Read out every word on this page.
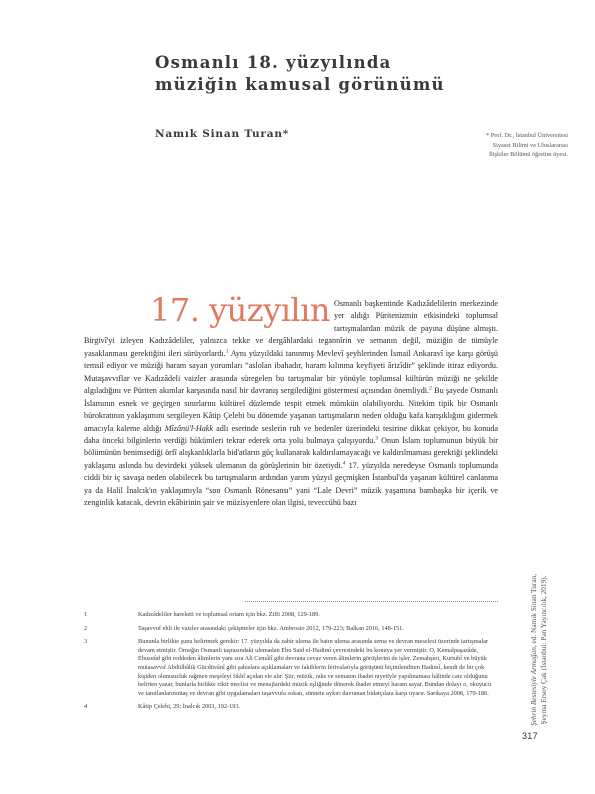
Osmanlı 18. yüzyılında
müziğin kamusal görünümü

Namık Sinan Turan*	* Prof. Dr., İstanbul Üniversitesi Siyaset Bilimi ve Uluslararası İlişkiler Bölümü öğretim üyesi.
17. yüzyılın Osmanlı başkentinde Kadızâdelilerin merkezinde yer aldığı Püritenizmin etkisindeki toplumsal tartışmalardan müzik de payına düşüne almıştı. Birgivî'yi izleyen Kadızâdeliler, yalnızca tekke ve dergâhlardaki tegannîrin ve semanın değil, müziğin de tümüyle yasaklanması gerektiğini ileri sürüyorlardı.$^1$ Aynı yüzyıldaki tanınmış Mevlevî şeyhlerinden İsmail Ankaravî işe karşı görüşü temsil ediyor ve müziği haram sayan yorumları “aslolan ibahadır, haram kılınma keyfiyeti ârizîdir” şeklinde itiraz ediyordu. Mutaşavvıflar ve Kadızâdeli vaizler arasında süregelen bu tartışmalar bir yönüyle toplumsal kültürün müziği ne şekilde algıladığını ve Püriten akımlar karşısında nasıl bir davranış sergilediğini göstermesi açısından önemliydi.$^2$ Bu şayede Osmanlı İslamının esnek ve geçirgen sınırlarını kültürel düzlemde tespit etmek mümkün olabiliyordu. Nitekim tipik bir Osmanlı bürokratının yaklaşımını sergileyen Kâtip Çelebi bu dönemde yaşanan tartışmaların neden olduğu kafa karışıklığını gidermek amacıyla kaleme aldığı Mîzânü'l-Hakk adlı eserinde seslerin ruh ve bedenler üzerindeki tesirine dikkat çekiyor, bu konuda daha önceki bilginlerin verdiği hükümleri tekrar ederek orta yolu bulmaya çalışıyordu.$^3$ Onun İslam toplumunun büyük bir bölümünün benimsediği örfî alışkanlıklarla bid'atların güç kullanarak kaldırılamayacağı ve kaldırılmaması gerektiği şeklindeki yaklaşımı aslında bu devirdeki yüksek ulemanın da görüşlerinin bir özetiydi.$^4$ 17. yüzyılda neredeyse Osmanlı toplumunda ciddi bir iç savaşa neden olabilecek bu tartışmaların ardından yarım yüzyıl geçmişken İstanbul'da yaşanan kültürel canlanma ya da Halil İnalcık'ın yaklaşımıyla “son Osmanlı Rönesansı” yani “Lale Devri” müzik yaşamına bambaşka bir içerik ve zenginlik katacak, devrin ekâbirinin şair ve müzisyenlere olan ilgisi, teveccühü bazı
1	Kadızâdeliler hareketi ve toplumsal ortam için bkz. Zilfi 2008, 129-189.
2	Taşavvuf ehli ile vaizler arasındaki çekişmeler için bkz. Ambrosio 2012, 179-223; Balkan 2016, 148-151.
3	Bununla birlikte şunu belirtmek gerekir: 17. yüzyılda da zahir ulema ile batın ulema arasında sema ve devran meselesi üzerinde tartışmalar devam etmiştir. Örneğin Osmanlı taşrasındaki ulemadan Ebu Said el-Hadimî çevresindeki bu konuya yer vermiştir. O, Kemalpaşazâde, Ebusuûd gibi reddeden âlimlerin yanı sıra Ali Cemâlî gibi devrana cevaz veren âlimlerin görüşlerini de işler. Zemahşeri, Kurtubî ve büyük mutasavvıf Abdülhâlik Gücdüvânî gibi şahıslara açıklamaları ve fakihlerin ferivalarıyla görüşünü biçimlendiren Hadimî, kendi de bir çok kişiden olumsuzluk rağmen meşeleyi fıkhî açıdan ele alır. Şiir, müzik, raks ve semanın ibadet niyetiyle yapılmaması hâlinde caiz olduğunu belirten yazar, bunlarla birlikte zikir meclisi ve menajlardeki müzik eşliğinde dönerek ibadet etmeyi haram sayar. Bundan dolayı o, okuyucu ve tanıtlanlarınıntaş ve devran gibi uygulamaları taşavvufa sokan, sünnete aykırı davranan bidatçılara karşı uyarır. Sarıkaya 2008, 179-180.
4	Kâtip Çelebi, 29; İnalcık 2003, 192-193.	Şehrin Bestesiyle Armağan, ed. Namık Sinan Turan, Şeyma Ersoy Çak (İstanbul: Pan Yayıncılık, 2019).
317
